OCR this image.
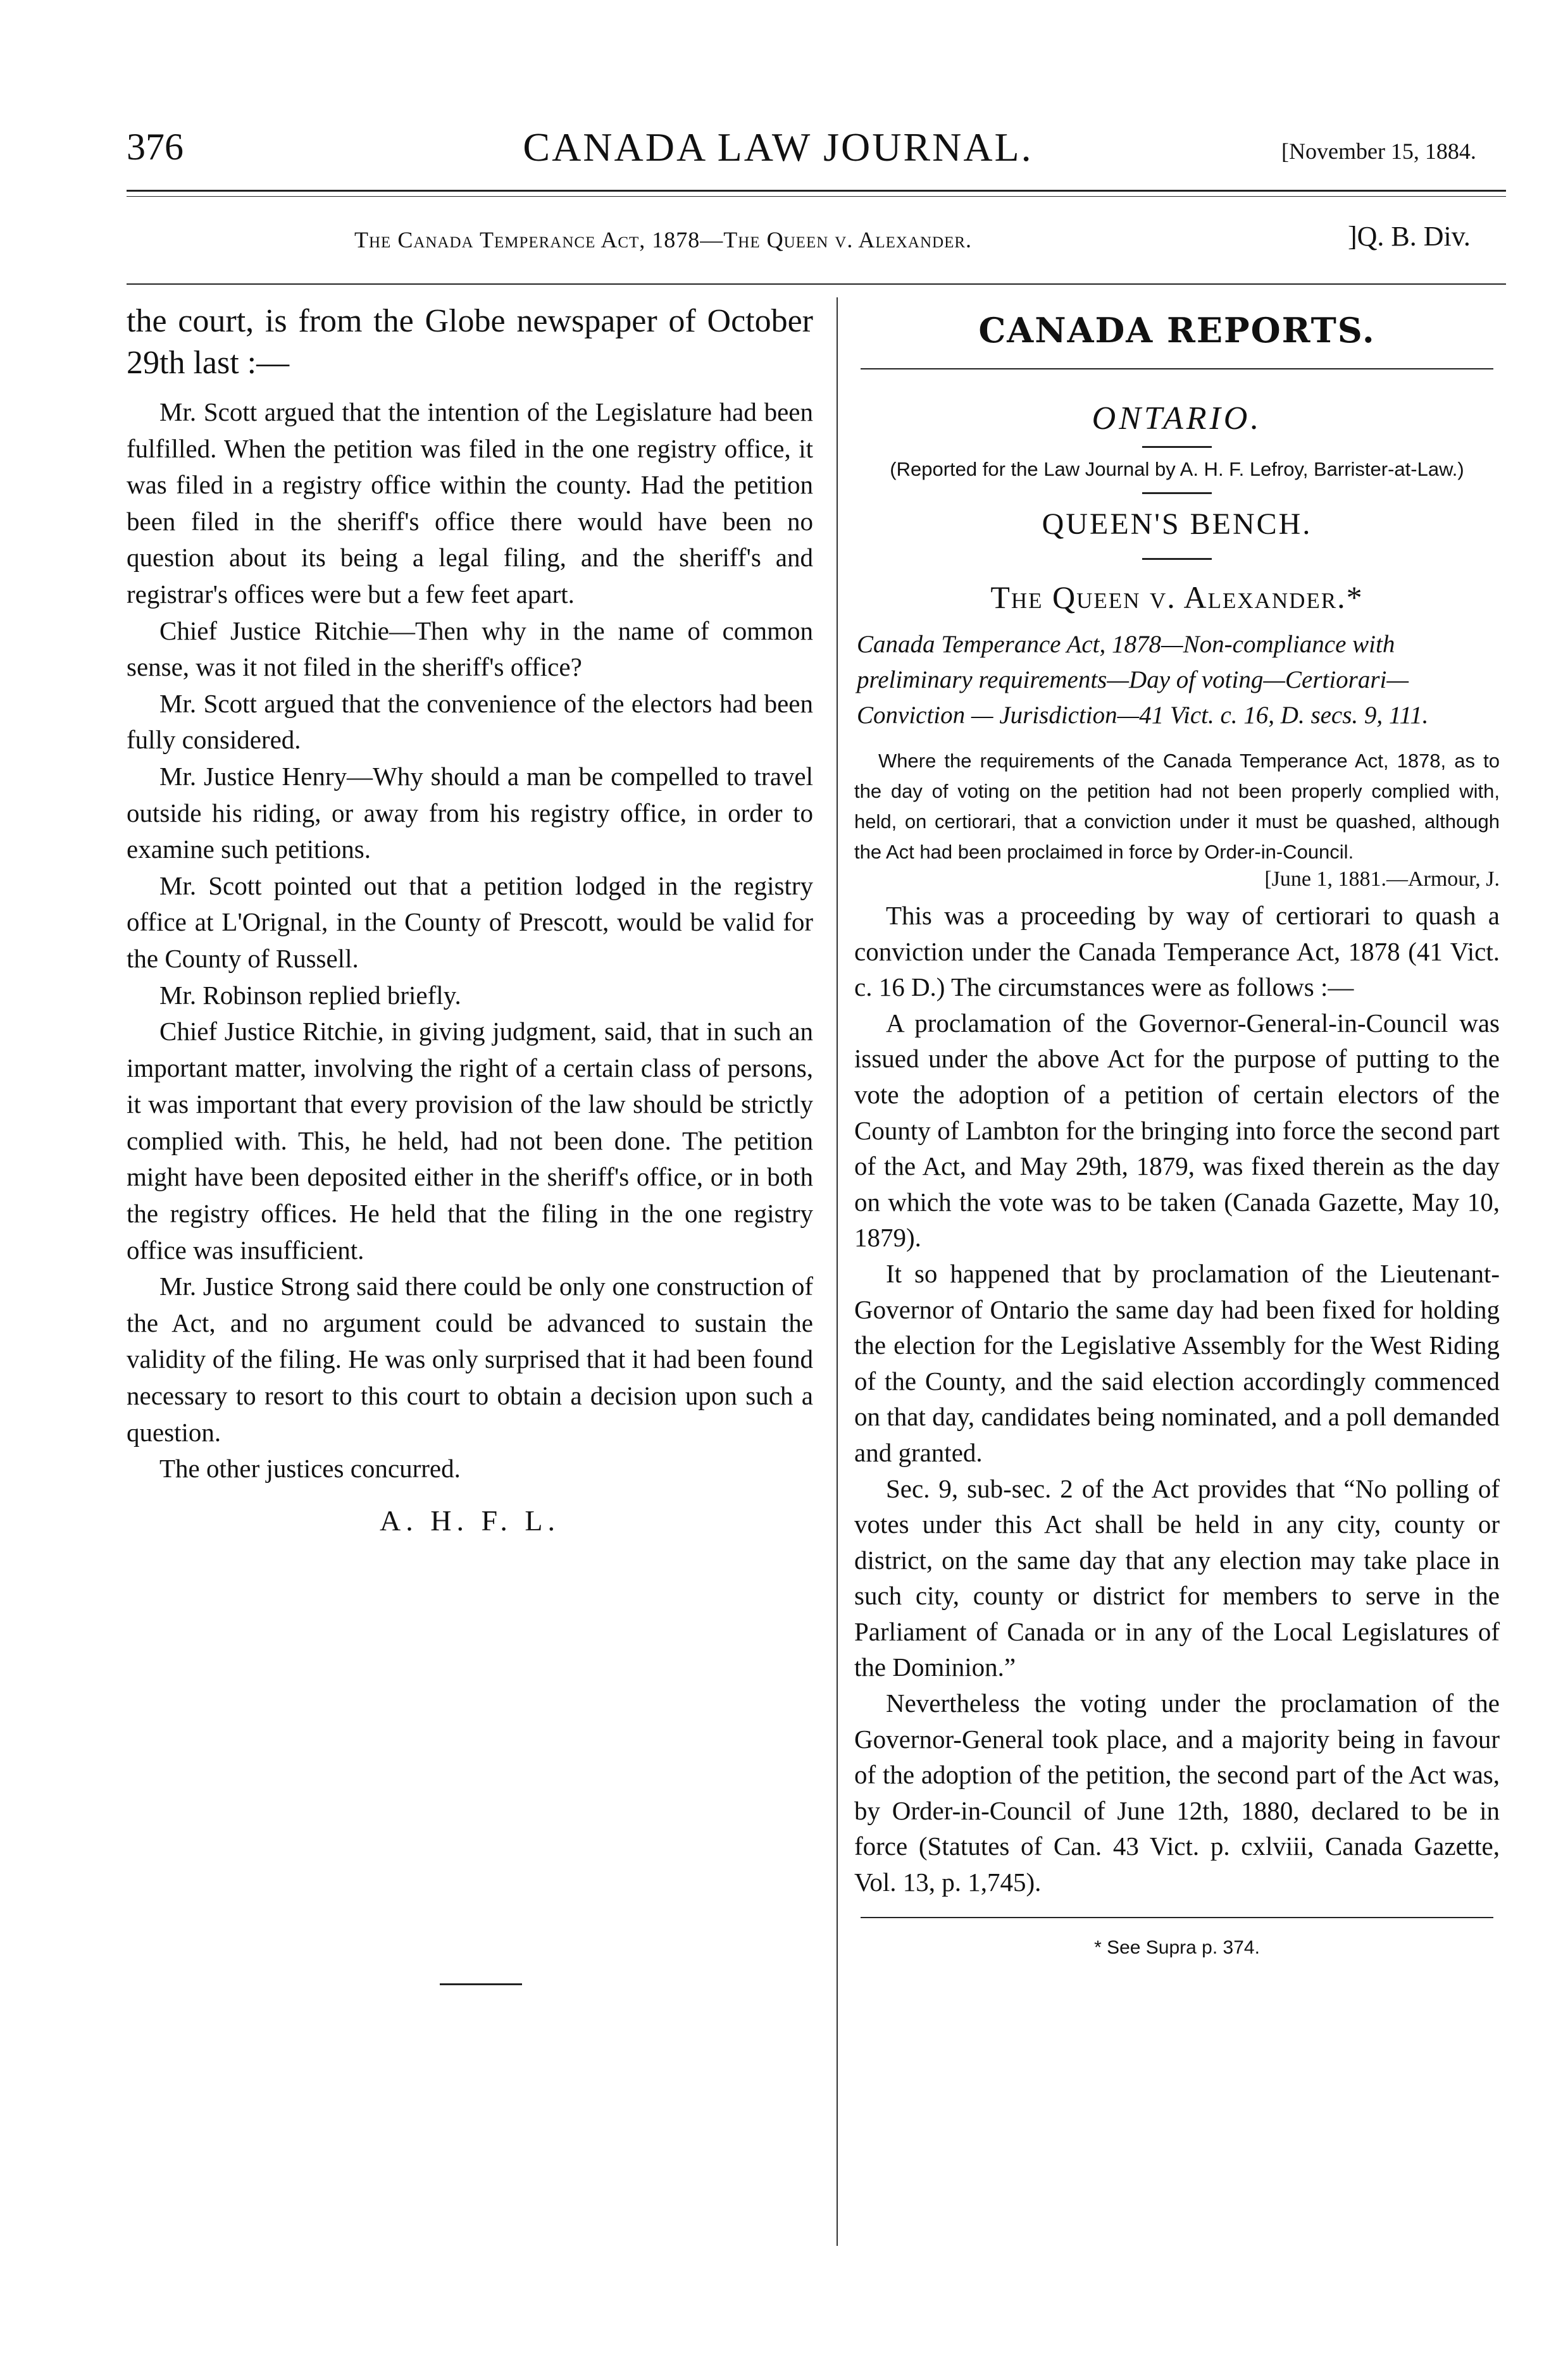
376	CANADA LAW JOURNAL.	[November 15, 1884.
The Canada Temperance Act, 1878—The Queen v. Alexander.	]Q. B. Div.

the court, is from the Globe newspaper of October 29th last :—

Mr. Scott argued that the intention of the Legislature had been fulfilled. When the petition was filed in the one registry office, it was filed in a registry office within the county. Had the petition been filed in the sheriff's office there would have been no question about its being a legal filing, and the sheriff's and registrar's offices were but a few feet apart.

Chief Justice Ritchie—Then why in the name of common sense, was it not filed in the sheriff's office?

Mr. Scott argued that the convenience of the electors had been fully considered.

Mr. Justice Henry—Why should a man be compelled to travel outside his riding, or away from his registry office, in order to examine such petitions.

Mr. Scott pointed out that a petition lodged in the registry office at L'Orignal, in the County of Prescott, would be valid for the County of Russell.

Mr. Robinson replied briefly.

Chief Justice Ritchie, in giving judgment, said, that in such an important matter, involving the right of a certain class of persons, it was important that every provision of the law should be strictly complied with. This, he held, had not been done. The petition might have been deposited either in the sheriff's office, or in both the registry offices. He held that the filing in the one registry office was insufficient.

Mr. Justice Strong said there could be only one construction of the Act, and no argument could be advanced to sustain the validity of the filing. He was only surprised that it had been found necessary to resort to this court to obtain a decision upon such a question.

The other justices concurred.

A. H. F. L.

CANADA REPORTS.

ONTARIO.

(Reported for the Law Journal by A. H. F. Lefroy, Barrister-at-Law.)

QUEEN'S BENCH.

The Queen v. Alexander.*

Canada Temperance Act, 1878—Non-compliance with preliminary requirements—Day of voting—Certiorari—Conviction — Jurisdiction—41 Vict. c. 16, D. secs. 9, 111.

Where the requirements of the Canada Temperance Act, 1878, as to the day of voting on the petition had not been properly complied with, held, on certiorari, that a conviction under it must be quashed, although the Act had been proclaimed in force by Order-in-Council.

[June 1, 1881.—Armour, J.

This was a proceeding by way of certiorari to quash a conviction under the Canada Temperance Act, 1878 (41 Vict. c. 16 D.) The circumstances were as follows :—

A proclamation of the Governor-General-in-Council was issued under the above Act for the purpose of putting to the vote the adoption of a petition of certain electors of the County of Lambton for the bringing into force the second part of the Act, and May 29th, 1879, was fixed therein as the day on which the vote was to be taken (Canada Gazette, May 10, 1879).

It so happened that by proclamation of the Lieutenant-Governor of Ontario the same day had been fixed for holding the election for the Legislative Assembly for the West Riding of the County, and the said election accordingly commenced on that day, candidates being nominated, and a poll demanded and granted.

Sec. 9, sub-sec. 2 of the Act provides that “No polling of votes under this Act shall be held in any city, county or district, on the same day that any election may take place in such city, county or district for members to serve in the Parliament of Canada or in any of the Local Legislatures of the Dominion.”

Nevertheless the voting under the proclamation of the Governor-General took place, and a majority being in favour of the adoption of the petition, the second part of the Act was, by Order-in-Council of June 12th, 1880, declared to be in force (Statutes of Can. 43 Vict. p. cxlviii, Canada Gazette, Vol. 13, p. 1,745).

* See Supra p. 374.
